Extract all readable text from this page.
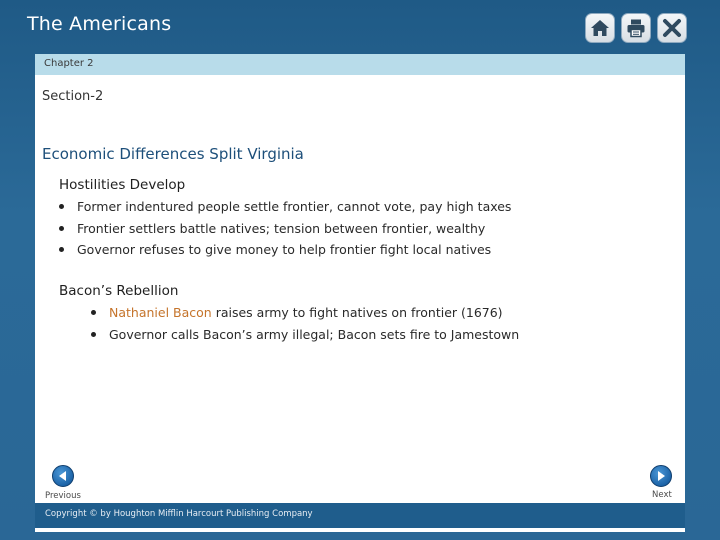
The Americans
Chapter 2
Section-2
Economic Differences Split Virginia
Hostilities Develop
Former indentured people settle frontier, cannot vote, pay high taxes
Frontier settlers battle natives; tension between frontier, wealthy
Governor refuses to give money to help frontier fight local natives
Bacon’s Rebellion
Nathaniel Bacon raises army to fight natives on frontier (1676)
Governor calls Bacon’s army illegal; Bacon sets fire to Jamestown
Previous	Next
Copyright © by Houghton Mifflin Harcourt Publishing Company
